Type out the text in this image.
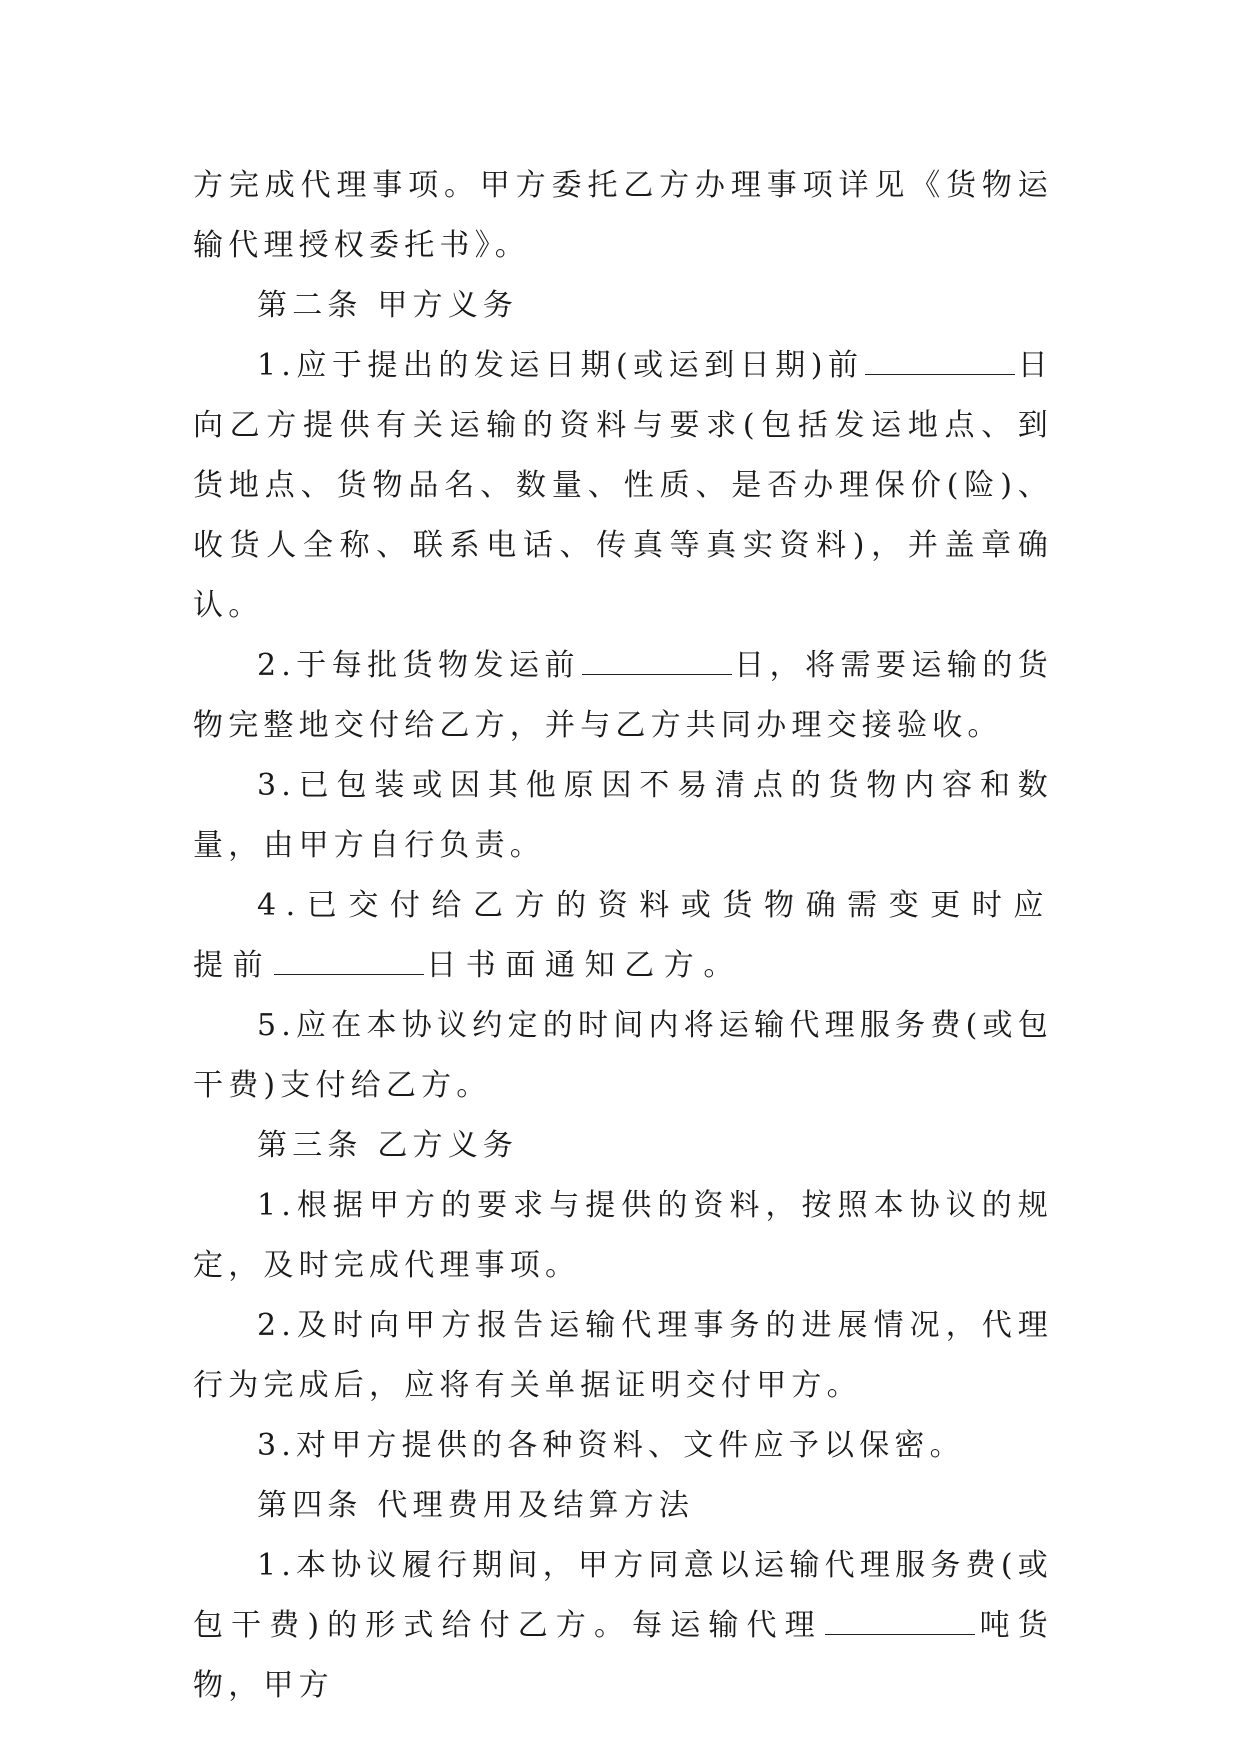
方完成代理事项。甲方委托乙方办理事项详见《货物运输代理授权委托书》。

第二条 甲方义务

1.应于提出的发运日期(或运到日期)前	日向乙方提供有关运输的资料与要求(包括发运地点、到货地点、货物品名、数量、性质、是否办理保价(险)、收货人全称、联系电话、传真等真实资料)，并盖章确认。

2.于每批货物发运前	日，将需要运输的货物完整地交付给乙方，并与乙方共同办理交接验收。

3.已包装或因其他原因不易清点的货物内容和数量，由甲方自行负责。

4.已交付给乙方的资料或货物确需变更时应提前	日书面通知乙方。

5.应在本协议约定的时间内将运输代理服务费(或包干费)支付给乙方。

第三条 乙方义务

1.根据甲方的要求与提供的资料，按照本协议的规定，及时完成代理事项。

2.及时向甲方报告运输代理事务的进展情况，代理行为完成后，应将有关单据证明交付甲方。

3.对甲方提供的各种资料、文件应予以保密。

第四条 代理费用及结算方法

1.本协议履行期间，甲方同意以运输代理服务费(或包干费)的形式给付乙方。每运输代理	吨货物，甲方
